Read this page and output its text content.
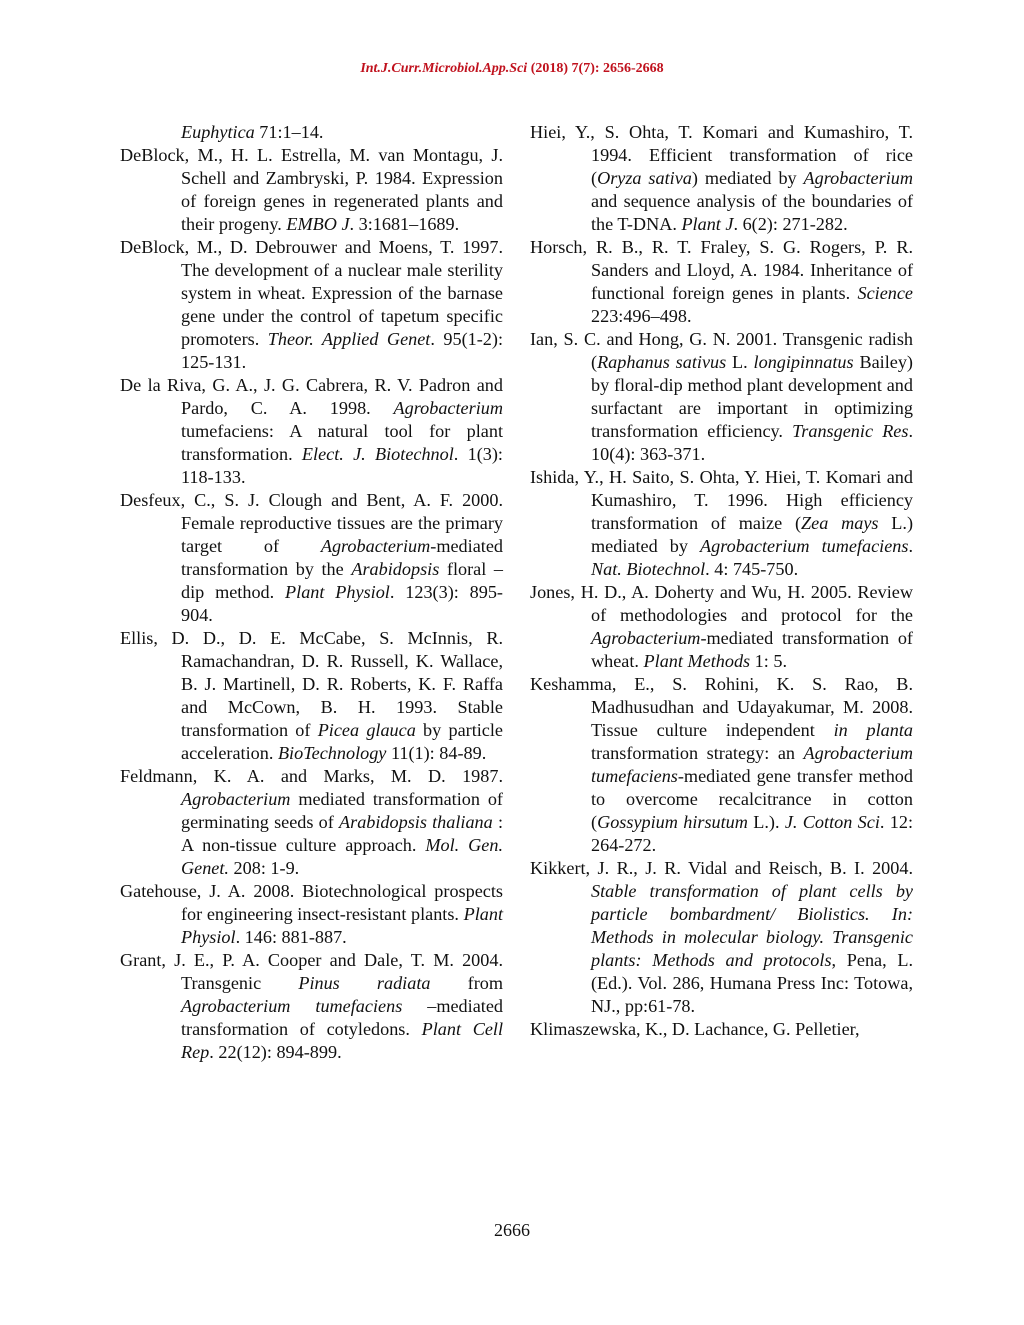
Int.J.Curr.Microbiol.App.Sci (2018) 7(7): 2656-2668

Euphytica 71:1–14.

DeBlock, M., H. L. Estrella, M. van Montagu, J. Schell and Zambryski, P. 1984. Expression of foreign genes in regenerated plants and their progeny. EMBO J. 3:1681–1689.

DeBlock, M., D. Debrouwer and Moens, T. 1997. The development of a nuclear male sterility system in wheat. Expression of the barnase gene under the control of tapetum specific promoters. Theor. Applied Genet. 95(1-2): 125-131.

De la Riva, G. A., J. G. Cabrera, R. V. Padron and Pardo, C. A. 1998. Agrobacterium tumefaciens: A natural tool for plant transformation. Elect. J. Biotechnol. 1(3): 118-133.

Desfeux, C., S. J. Clough and Bent, A. F. 2000. Female reproductive tissues are the primary target of Agrobacterium-mediated transformation by the Arabidopsis floral –dip method. Plant Physiol. 123(3): 895-904.

Ellis, D. D., D. E. McCabe, S. McInnis, R. Ramachandran, D. R. Russell, K. Wallace, B. J. Martinell, D. R. Roberts, K. F. Raffa and McCown, B. H. 1993. Stable transformation of Picea glauca by particle acceleration. BioTechnology 11(1): 84-89.

Feldmann, K. A. and Marks, M. D. 1987. Agrobacterium mediated transformation of germinating seeds of Arabidopsis thaliana : A non-tissue culture approach. Mol. Gen. Genet. 208: 1-9.

Gatehouse, J. A. 2008. Biotechnological prospects for engineering insect-resistant plants. Plant Physiol. 146: 881-887.

Grant, J. E., P. A. Cooper and Dale, T. M. 2004. Transgenic Pinus radiata from Agrobacterium tumefaciens –mediated transformation of cotyledons. Plant Cell Rep. 22(12): 894-899.

Hiei, Y., S. Ohta, T. Komari and Kumashiro, T. 1994. Efficient transformation of rice (Oryza sativa) mediated by Agrobacterium and sequence analysis of the boundaries of the T-DNA. Plant J. 6(2): 271-282.

Horsch, R. B., R. T. Fraley, S. G. Rogers, P. R. Sanders and Lloyd, A. 1984. Inheritance of functional foreign genes in plants. Science 223:496–498.

Ian, S. C. and Hong, G. N. 2001. Transgenic radish (Raphanus sativus L. longipinnatus Bailey) by floral-dip method plant development and surfactant are important in optimizing transformation efficiency. Transgenic Res. 10(4): 363-371.

Ishida, Y., H. Saito, S. Ohta, Y. Hiei, T. Komari and Kumashiro, T. 1996. High efficiency transformation of maize (Zea mays L.) mediated by Agrobacterium tumefaciens. Nat. Biotechnol. 4: 745-750.

Jones, H. D., A. Doherty and Wu, H. 2005. Review of methodologies and protocol for the Agrobacterium-mediated transformation of wheat. Plant Methods 1: 5.

Keshamma, E., S. Rohini, K. S. Rao, B. Madhusudhan and Udayakumar, M. 2008. Tissue culture independent in planta transformation strategy: an Agrobacterium tumefaciens-mediated gene transfer method to overcome recalcitrance in cotton (Gossypium hirsutum L.). J. Cotton Sci. 12: 264-272.

Kikkert, J. R., J. R. Vidal and Reisch, B. I. 2004. Stable transformation of plant cells by particle bombardment/ Biolistics. In: Methods in molecular biology. Transgenic plants: Methods and protocols, Pena, L. (Ed.). Vol. 286, Humana Press Inc: Totowa, NJ., pp:61-78.

Klimaszewska, K., D. Lachance, G. Pelletier,

2666
